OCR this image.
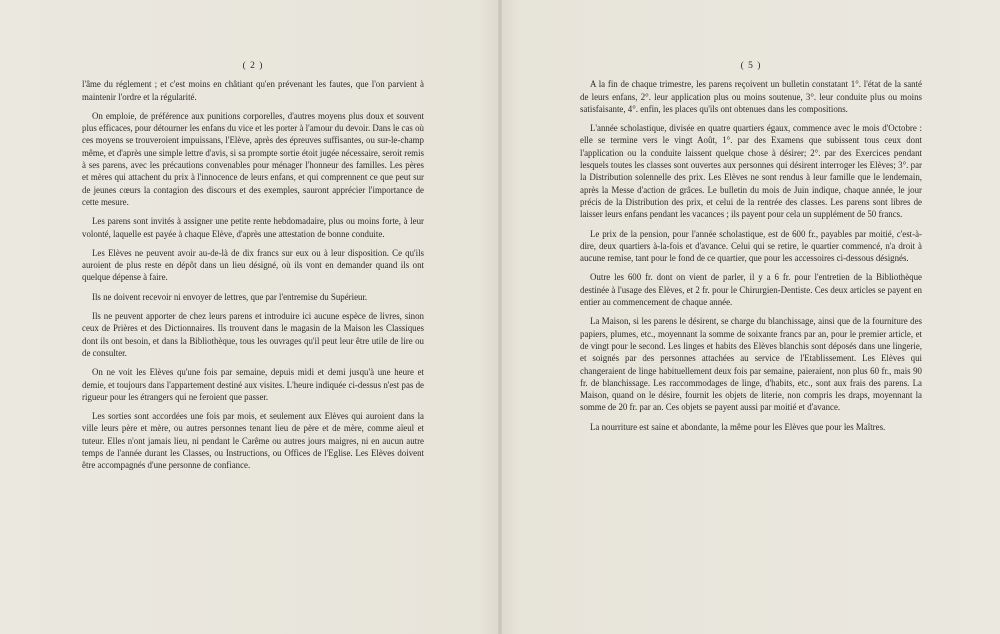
( 2 )

l'âme du réglement ; et c'est moins en châtiant qu'en prévenant les fautes, que l'on parvient à maintenir l'ordre et la régularité.

On emploie, de préférence aux punitions corporelles, d'autres moyens plus doux et souvent plus efficaces, pour détourner les enfans du vice et les porter à l'amour du devoir. Dans le cas où ces moyens se trouveroient impuissans, l'Elève, après des épreuves suffisantes, ou sur-le-champ même, et d'après une simple lettre d'avis, si sa prompte sortie étoit jugée nécessaire, seroit remis à ses parens, avec les précautions convenables pour ménager l'honneur des familles. Les pères et mères qui attachent du prix à l'innocence de leurs enfans, et qui comprennent ce que peut sur de jeunes cœurs la contagion des discours et des exemples, sauront apprécier l'importance de cette mesure.

Les parens sont invités à assigner une petite rente hebdomadaire, plus ou moins forte, à leur volonté, laquelle est payée à chaque Elève, d'après une attestation de bonne conduite.

Les Elèves ne peuvent avoir au-de-là de dix francs sur eux ou à leur disposition. Ce qu'ils auroient de plus reste en dépôt dans un lieu désigné, où ils vont en demander quand ils ont quelque dépense à faire.

Ils ne doivent recevoir ni envoyer de lettres, que par l'entremise du Supérieur.

Ils ne peuvent apporter de chez leurs parens et introduire ici aucune espèce de livres, sinon ceux de Prières et des Dictionnaires. Ils trouvent dans le magasin de la Maison les Classiques dont ils ont besoin, et dans la Bibliothèque, tous les ouvrages qu'il peut leur être utile de lire ou de consulter.

On ne voit les Elèves qu'une fois par semaine, depuis midi et demi jusqu'à une heure et demie, et toujours dans l'appartement destiné aux visites. L'heure indiquée ci-dessus n'est pas de rigueur pour les étrangers qui ne feroient que passer.

Les sorties sont accordées une fois par mois, et seulement aux Elèves qui auroient dans la ville leurs père et mère, ou autres personnes tenant lieu de père et de mère, comme aïeul et tuteur. Elles n'ont jamais lieu, ni pendant le Carême ou autres jours maigres, ni en aucun autre temps de l'année durant les Classes, ou Instructions, ou Offices de l'Eglise. Les Elèves doivent être accompagnés d'une personne de confiance.

( 5 )

A la fin de chaque trimestre, les parens reçoivent un bulletin constatant 1°. l'état de la santé de leurs enfans, 2°. leur application plus ou moins soutenue, 3°. leur conduite plus ou moins satisfaisante, 4°. enfin, les places qu'ils ont obtenues dans les compositions.

L'année scholastique, divisée en quatre quartiers égaux, commence avec le mois d'Octobre : elle se termine vers le vingt Août, 1°. par des Examens que subissent tous ceux dont l'application ou la conduite laissent quelque chose à désirer; 2°. par des Exercices pendant lesquels toutes les classes sont ouvertes aux personnes qui désirent interroger les Elèves; 3°. par la Distribution solennelle des prix. Les Elèves ne sont rendus à leur famille que le lendemain, après la Messe d'action de grâces. Le bulletin du mois de Juin indique, chaque année, le jour précis de la Distribution des prix, et celui de la rentrée des classes. Les parens sont libres de laisser leurs enfans pendant les vacances ; ils payent pour cela un supplément de 50 francs.

Le prix de la pension, pour l'année scholastique, est de 600 fr., payables par moitié, c'est-à-dire, deux quartiers à-la-fois et d'avance. Celui qui se retire, le quartier commencé, n'a droit à aucune remise, tant pour le fond de ce quartier, que pour les accessoires ci-dessous désignés.

Outre les 600 fr. dont on vient de parler, il y a 6 fr. pour l'entretien de la Bibliothèque destinée à l'usage des Elèves, et 2 fr. pour le Chirurgien-Dentiste. Ces deux articles se payent en entier au commencement de chaque année.

La Maison, si les parens le désirent, se charge du blanchissage, ainsi que de la fourniture des papiers, plumes, etc., moyennant la somme de soixante francs par an, pour le premier article, et de vingt pour le second. Les linges et habits des Elèves blanchis sont déposés dans une lingerie, et soignés par des personnes attachées au service de l'Etablissement. Les Elèves qui changeraient de linge habituellement deux fois par semaine, paieraient, non plus 60 fr., mais 90 fr. de blanchissage. Les raccommodages de linge, d'habits, etc., sont aux frais des parens. La Maison, quand on le désire, fournit les objets de literie, non compris les draps, moyennant la somme de 20 fr. par an. Ces objets se payent aussi par moitié et d'avance.

La nourriture est saine et abondante, la même pour les Elèves que pour les Maîtres.
